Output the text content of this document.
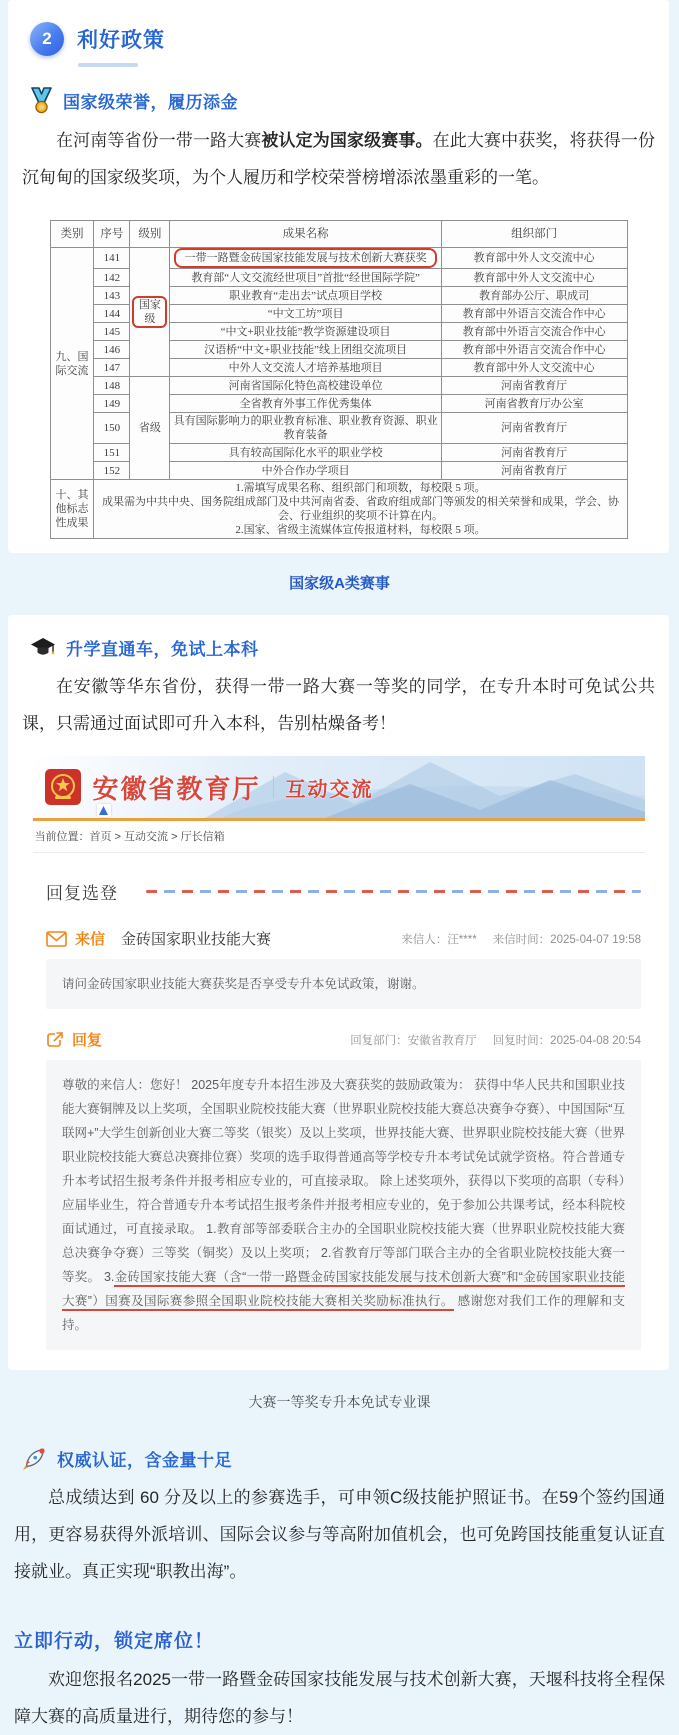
2	利好政策
国家级荣誉，履历添金

在河南等省份一带一路大赛被认定为国家级赛事。在此大赛中获奖，将获得一份沉甸甸的国家级奖项，为个人履历和学校荣誉榜增添浓墨重彩的一笔。

类别	序号	级别	成果名称	组织部门
九、国际交流	141	国家级	一带一路暨金砖国家技能发展与技术创新大赛获奖	教育部中外人文交流中心
	142		教育部“人文交流经世项目”首批“经世国际学院”	教育部中外人文交流中心
	143		职业教育“走出去”试点项目学校	教育部办公厅、职成司
	144		“中文工坊”项目	教育部中外语言交流合作中心
	145		“中文+职业技能”教学资源建设项目	教育部中外语言交流合作中心
	146		汉语桥“中文+职业技能”线上团组交流项目	教育部中外语言交流合作中心
	147		中外人文交流人才培养基地项目	教育部中外人文交流中心
	148	省级	河南省国际化特色高校建设单位	河南省教育厅
	149		全省教育外事工作优秀集体	河南省教育厅办公室
	150		具有国际影响力的职业教育标准、职业教育资源、职业教育装备	河南省教育厅
	151		具有较高国际化水平的职业学校	河南省教育厅
	152		中外合作办学项目	河南省教育厅
十、其他标志性成果	1.需填写成果名称、组织部门和项数，每校限 5 项。
成果需为中共中央、国务院组成部门及中共河南省委、省政府组成部门等颁发的相关荣誉和成果，学会、协会、行业组织的奖项不计算在内。
2.国家、省级主流媒体宣传报道材料，每校限 5 项。			
国家级A类赛事
升学直通车，免试上本科

在安徽等华东省份，获得一带一路大赛一等奖的同学，在专升本时可免试公共课，只需通过面试即可升入本科，告别枯燥备考！

安徽省教育厅 互动交流
当前位置：首页 > 互动交流 > 厅长信箱
回复选登
来信 金砖国家职业技能大赛	来信人：汪**** 来信时间：2025-04-07 19:58
请问金砖国家职业技能大赛获奖是否享受专升本免试政策，谢谢。
回复	回复部门：安徽省教育厅 回复时间：2025-04-08 20:54
尊敬的来信人：您好！ 2025年度专升本招生涉及大赛获奖的鼓励政策为： 获得中华人民共和国职业技能大赛铜牌及以上奖项，全国职业院校技能大赛（世界职业院校技能大赛总决赛争夺赛）、中国国际“互联网+”大学生创新创业大赛二等奖（银奖）及以上奖项，世界技能大赛、世界职业院校技能大赛（世界职业院校技能大赛总决赛排位赛）奖项的选手取得普通高等学校专升本考试免试就学资格。符合普通专升本考试招生报考条件并报考相应专业的，可直接录取。 除上述奖项外，获得以下奖项的高职（专科）应届毕业生，符合普通专升本考试招生报考条件并报考相应专业的，免于参加公共课考试，经本科院校面试通过，可直接录取。 1.教育部等部委联合主办的全国职业院校技能大赛（世界职业院校技能大赛总决赛争夺赛）三等奖（铜奖）及以上奖项； 2.省教育厅等部门联合主办的全省职业院校技能大赛一等奖。 3.金砖国家技能大赛（含“一带一路暨金砖国家技能发展与技术创新大赛”和“金砖国家职业技能大赛”）国赛及国际赛参照全国职业院校技能大赛相关奖励标准执行。 感谢您对我们工作的理解和支持。
大赛一等奖专升本免试专业课
权威认证，含金量十足

总成绩达到 60 分及以上的参赛选手，可申领C级技能护照证书。在59个签约国通用，更容易获得外派培训、国际会议参与等高附加值机会，也可免跨国技能重复认证直接就业。真正实现“职教出海”。

立即行动，锁定席位！

欢迎您报名2025一带一路暨金砖国家技能发展与技术创新大赛，天堰科技将全程保障大赛的高质量进行，期待您的参与！
